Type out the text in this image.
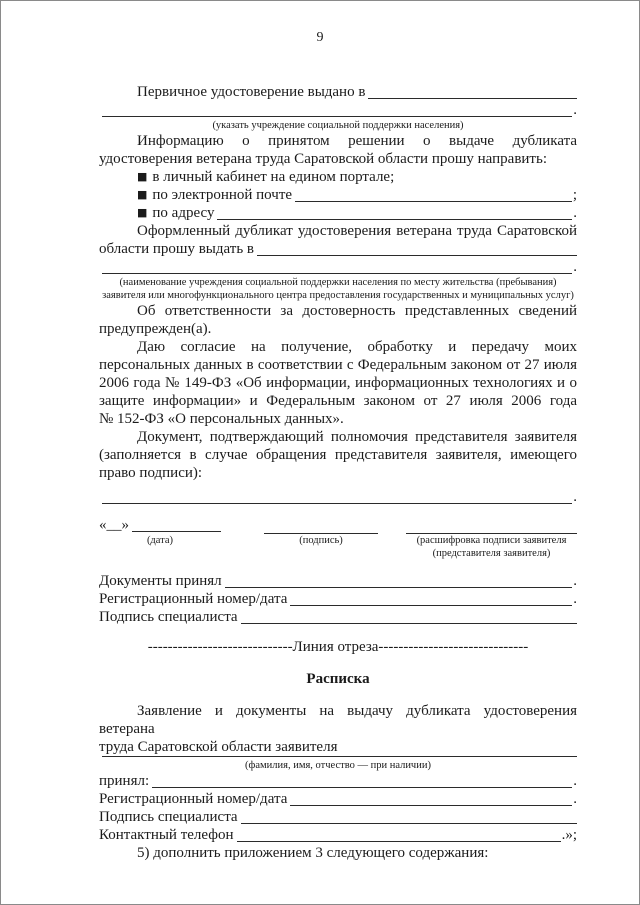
9
Первичное удостоверение выдано в
.
(указать учреждение социальной поддержки населения)
Информацию о принятом решении о выдаче дубликата
удостоверения ветерана труда Саратовской области прошу направить:
■ в личный кабинет на едином портале;
■ по электронной почте	;
■ по адресу	.
Оформленный дубликат удостоверения ветерана труда Саратовской
области прошу выдать в
.
(наименование учреждения социальной поддержки населения по месту жительства (пребывания)
заявителя или многофункционального центра предоставления государственных и муниципальных услуг)
Об ответственности за достоверность представленных сведений
предупрежден(а).
Даю согласие на получение, обработку и передачу моих
персональных данных в соответствии с Федеральным законом от 27 июля
2006 года № 149-ФЗ «Об информации, информационных технологиях и о
защите информации» и Федеральным законом от 27 июля 2006 года
№ 152-ФЗ «О персональных данных».
Документ, подтверждающий полномочия представителя заявителя
(заполняется в случае обращения представителя заявителя, имеющего
право подписи):
.
«__»
(дата)	(подпись)	(расшифровка подписи заявителя
(представителя заявителя)
Документы принял	.
Регистрационный номер/дата	.
Подпись специалиста
-----------------------------Линия отреза------------------------------
Расписка
Заявление и документы на выдачу дубликата удостоверения ветерана
труда Саратовской области заявителя
(фамилия, имя, отчество — при наличии)
принял:	.
Регистрационный номер/дата	.
Подпись специалиста
Контактный телефон	.»;
5) дополнить приложением 3 следующего содержания:
